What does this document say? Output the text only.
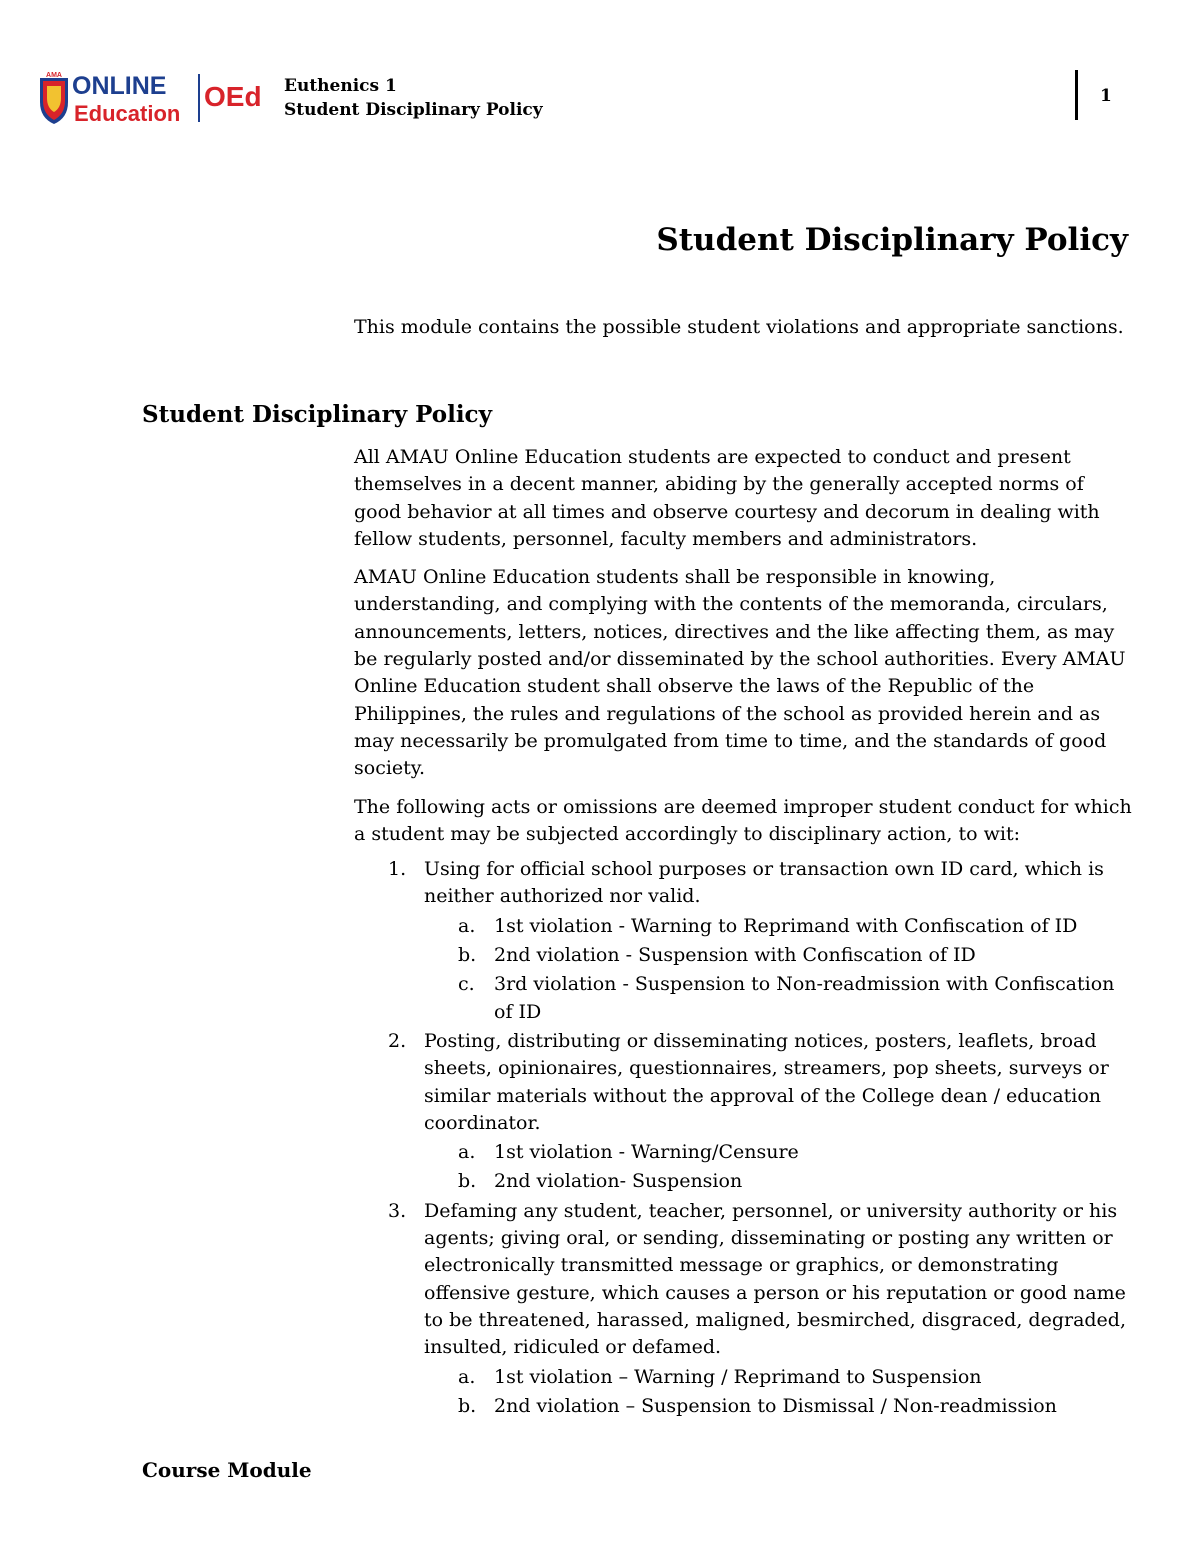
AMA ONLINE
Education
OEd Euthenics 1
Student Disciplinary Policy
1
Student Disciplinary Policy
This module contains the possible student violations and appropriate sanctions.
Student Disciplinary Policy

All AMAU Online Education students are expected to conduct and present themselves in a decent manner, abiding by the generally accepted norms of good behavior at all times and observe courtesy and decorum in dealing with fellow students, personnel, faculty members and administrators.

AMAU Online Education students shall be responsible in knowing, understanding, and complying with the contents of the memoranda, circulars, announcements, letters, notices, directives and the like affecting them, as may be regularly posted and/or disseminated by the school authorities. Every AMAU Online Education student shall observe the laws of the Republic of the Philippines, the rules and regulations of the school as provided herein and as may necessarily be promulgated from time to time, and the standards of good society.

The following acts or omissions are deemed improper student conduct for which a student may be subjected accordingly to disciplinary action, to wit:

1. Using for official school purposes or transaction own ID card, which is neither authorized nor valid.
a. 1st violation - Warning to Reprimand with Confiscation of ID
b. 2nd violation - Suspension with Confiscation of ID
c. 3rd violation - Suspension to Non-readmission with Confiscation of ID
2. Posting, distributing or disseminating notices, posters, leaflets, broad sheets, opinionaires, questionnaires, streamers, pop sheets, surveys or similar materials without the approval of the College dean / education coordinator.
a. 1st violation - Warning/Censure
b. 2nd violation- Suspension
3. Defaming any student, teacher, personnel, or university authority or his agents; giving oral, or sending, disseminating or posting any written or electronically transmitted message or graphics, or demonstrating offensive gesture, which causes a person or his reputation or good name to be threatened, harassed, maligned, besmirched, disgraced, degraded, insulted, ridiculed or defamed.
a. 1st violation – Warning / Reprimand to Suspension
b. 2nd violation – Suspension to Dismissal / Non-readmission
Course Module
